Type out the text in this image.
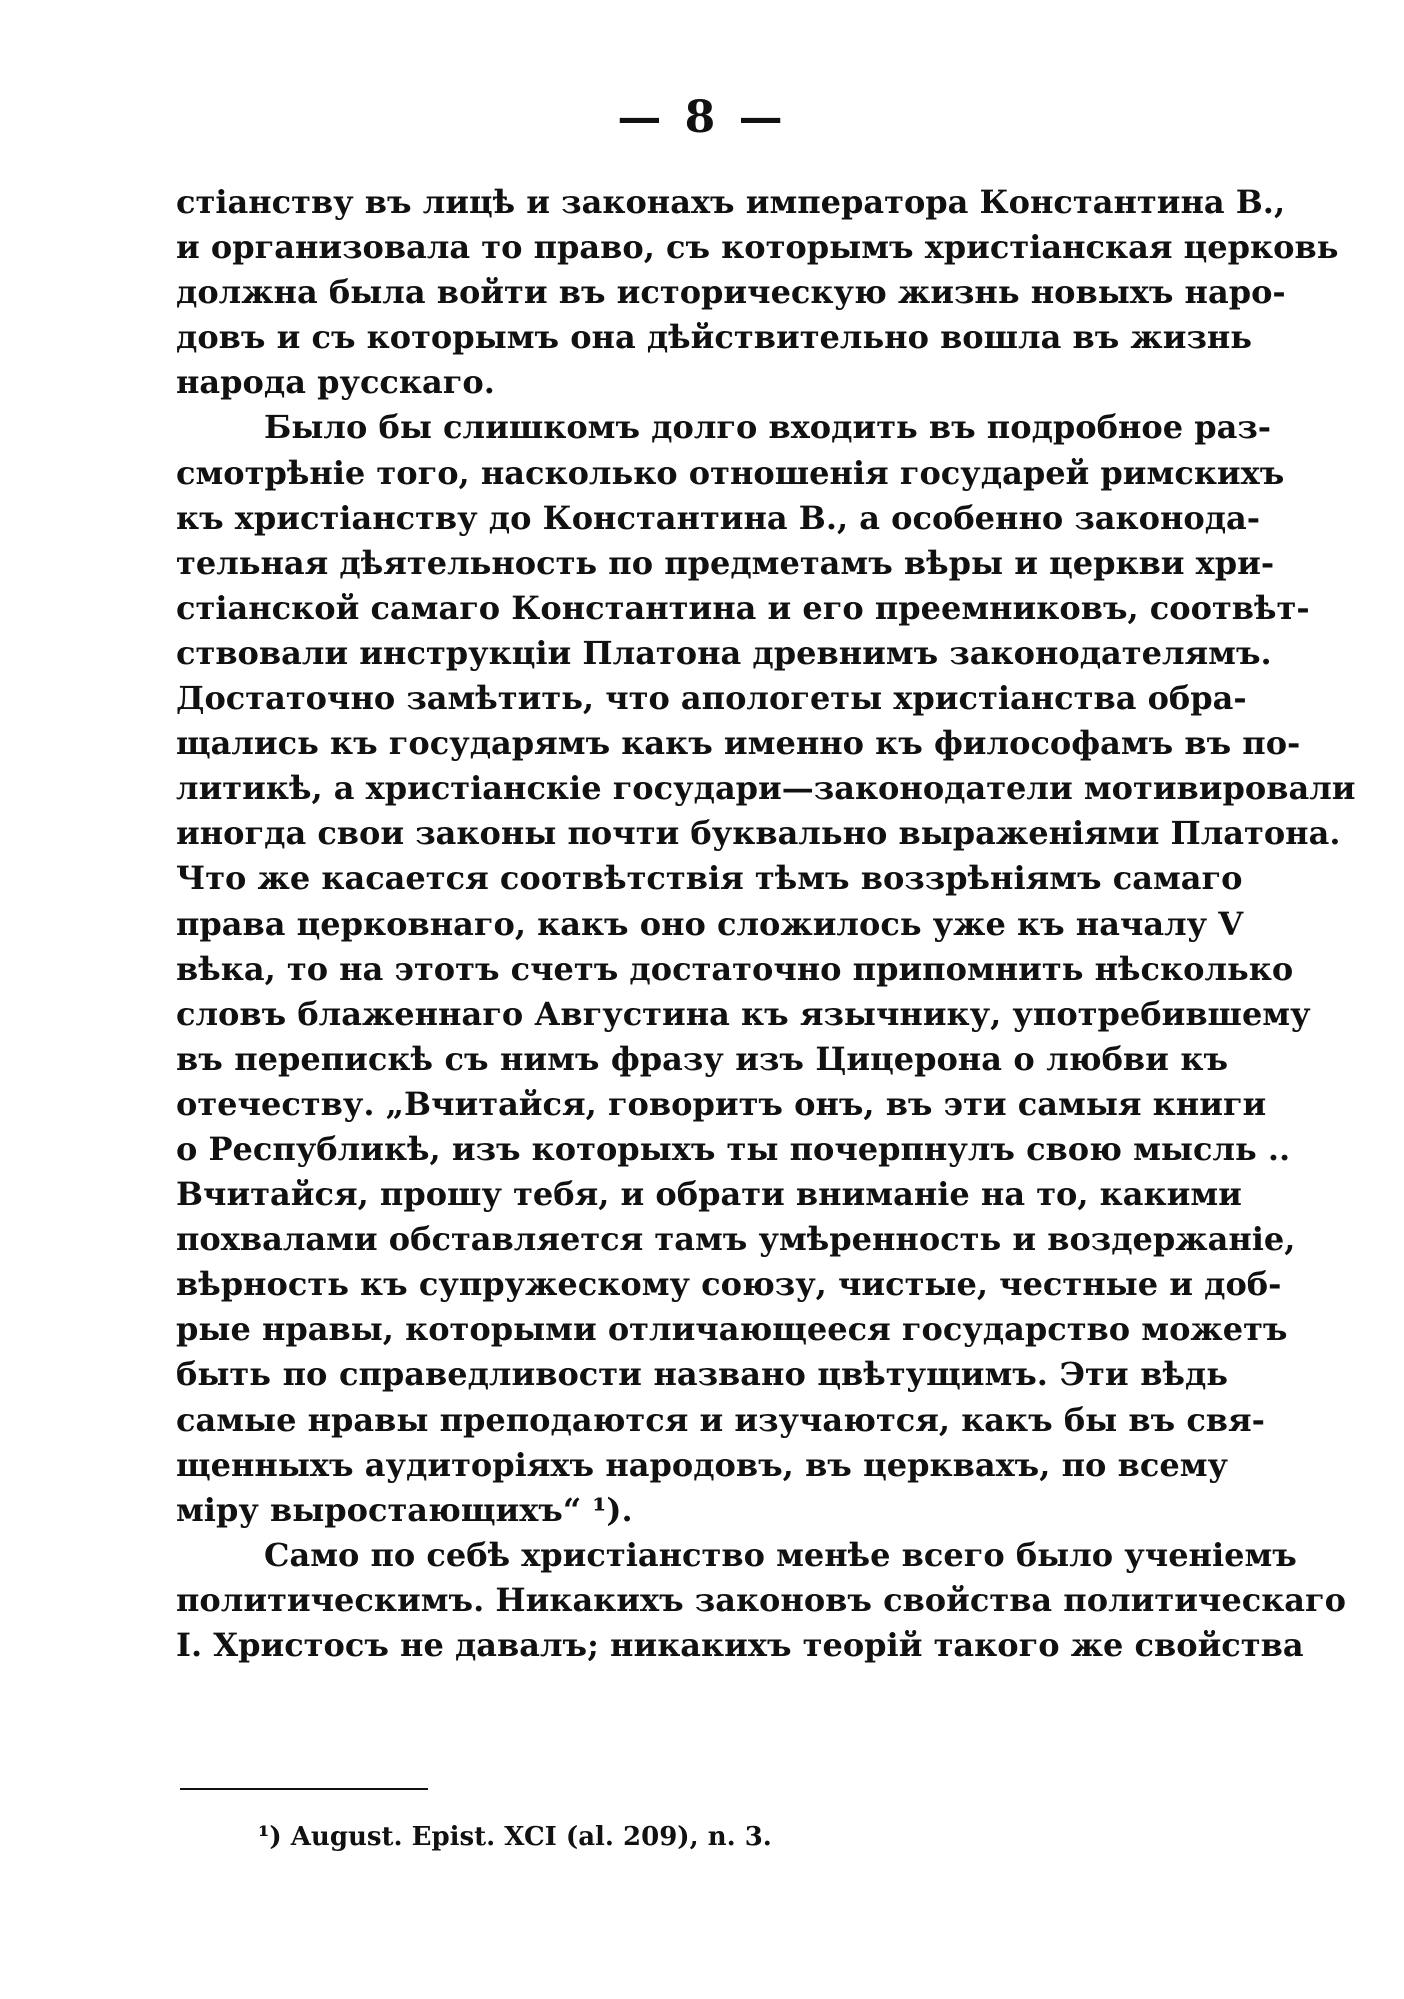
— 8 —
стіанству въ лицѣ и законахъ императора Константина В.,
и организовала то право, съ которымъ христіанская церковь
должна была войти въ историческую жизнь новыхъ наро-
довъ и съ которымъ она дѣйствительно вошла въ жизнь
народа русскаго.
Было бы слишкомъ долго входить въ подробное раз-
смотрѣніе того, насколько отношенія государей римскихъ
къ христіанству до Константина В., а особенно законода-
тельная дѣятельность по предметамъ вѣры и церкви хри-
стіанской самаго Константина и его преемниковъ, соотвѣт-
ствовали инструкціи Платона древнимъ законодателямъ.
Достаточно замѣтить, что апологеты христіанства обра-
щались къ государямъ какъ именно къ философамъ въ по-
литикѣ, а христіанскіе государи—законодатели мотивировали
иногда свои законы почти буквально выраженіями Платона.
Что же касается соотвѣтствія тѣмъ воззрѣніямъ самаго
права церковнаго, какъ оно сложилось уже къ началу V
вѣка, то на этотъ счетъ достаточно припомнить нѣсколько
словъ блаженнаго Августина къ язычнику, употребившему
въ перепискѣ съ нимъ фразу изъ Цицерона о любви къ
отечеству. „Вчитайся, говоритъ онъ, въ эти самыя книги
о Республикѣ, изъ которыхъ ты почерпнулъ свою мысль ..
Вчитайся, прошу тебя, и обрати вниманіе на то, какими
похвалами обставляется тамъ умѣренность и воздержаніе,
вѣрность къ супружескому союзу, чистые, честные и доб-
рые нравы, которыми отличающееся государство можетъ
быть по справедливости названо цвѣтущимъ. Эти вѣдь
самые нравы преподаются и изучаются, какъ бы въ свя-
щенныхъ аудиторіяхъ народовъ, въ церквахъ, по всему
міру выростающихъ“ ¹).
Само по себѣ христіанство менѣе всего было ученіемъ
политическимъ. Никакихъ законовъ свойства политическаго
I. Христосъ не давалъ; никакихъ теорій такого же свойства
¹) August. Epist. XCI (al. 209), n. 3.
